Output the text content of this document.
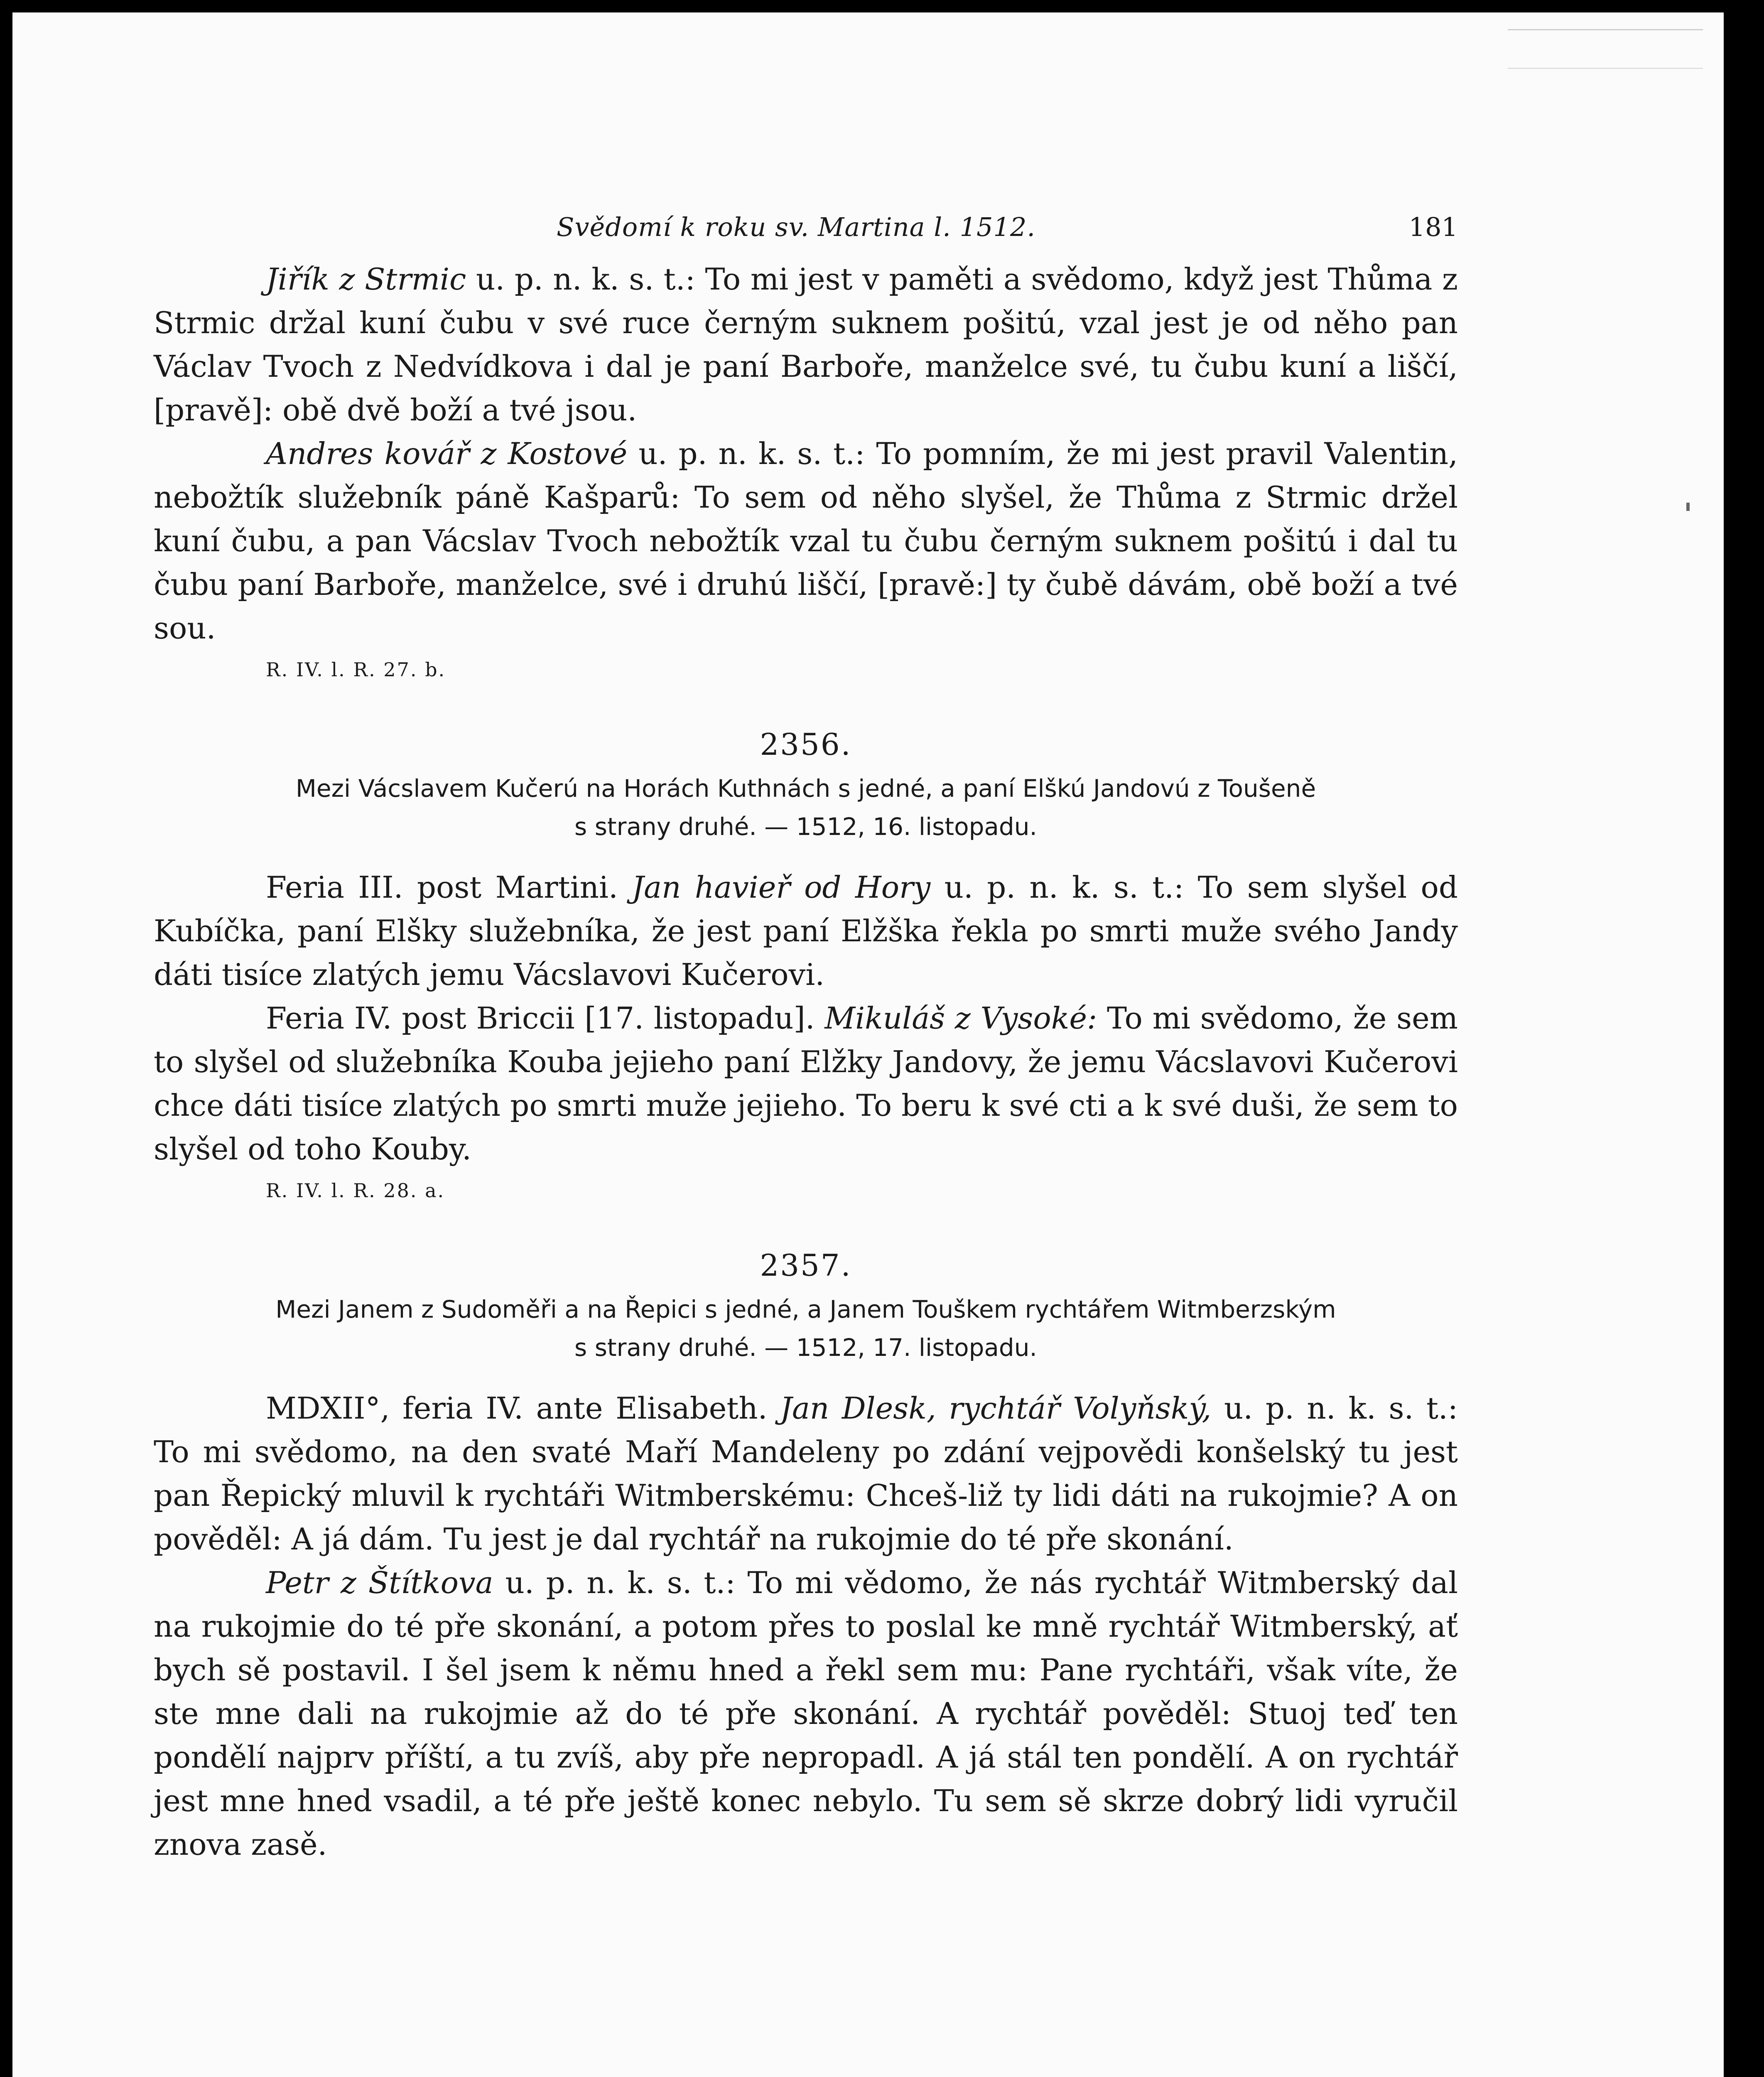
Svědomí k roku sv. Martina l. 1512.	181

Jiřík z Strmic u. p. n. k. s. t.: To mi jest v paměti a svědomo, když jest Thůma z Strmic držal kuní čubu v své ruce černým suknem pošitú, vzal jest je od něho pan Václav Tvoch z Nedvídkova i dal je paní Barboře, manželce své, tu čubu kuní a liščí, [pravě]: obě dvě boží a tvé jsou.

Andres kovář z Kostové u. p. n. k. s. t.: To pomním, že mi jest pravil Valentin, nebožtík služebník páně Kašparů: To sem od něho slyšel, že Thůma z Strmic držel kuní čubu, a pan Vácslav Tvoch nebožtík vzal tu čubu černým suknem pošitú i dal tu čubu paní Barboře, manželce, své i druhú liščí, [pravě:] ty čubě dávám, obě boží a tvé sou.

R. IV. l. R. 27. b.
2356.
Mezi Vácslavem Kučerú na Horách Kuthnách s jedné, a paní Elškú Jandovú z Toušeně
s strany druhé. — 1512, 16. listopadu.

Feria III. post Martini. Jan havieř od Hory u. p. n. k. s. t.: To sem slyšel od Kubíčka, paní Elšky služebníka, že jest paní Elžška řekla po smrti muže svého Jandy dáti tisíce zlatých jemu Vácslavovi Kučerovi.

Feria IV. post Briccii [17. listopadu]. Mikuláš z Vysoké: To mi svědomo, že sem to slyšel od služebníka Kouba jejieho paní Elžky Jandovy, že jemu Vácslavovi Kučerovi chce dáti tisíce zlatých po smrti muže jejieho. To beru k své cti a k své duši, že sem to slyšel od toho Kouby.

R. IV. l. R. 28. a.
2357.
Mezi Janem z Sudoměři a na Řepici s jedné, a Janem Touškem rychtářem Witmberzským
s strany druhé. — 1512, 17. listopadu.

MDXII°, feria IV. ante Elisabeth. Jan Dlesk, rychtář Volyňský, u. p. n. k. s. t.: To mi svědomo, na den svaté Maří Mandeleny po zdání vejpovědi konšelský tu jest pan Řepický mluvil k rychtáři Witmberskému: Chceš-liž ty lidi dáti na rukojmie? A on pověděl: A já dám. Tu jest je dal rychtář na rukojmie do té pře skonání.

Petr z Štítkova u. p. n. k. s. t.: To mi vědomo, že nás rychtář Witmberský dal na rukojmie do té pře skonání, a potom přes to poslal ke mně rychtář Witmberský, ať bych sě postavil. I šel jsem k němu hned a řekl sem mu: Pane rychtáři, však víte, že ste mne dali na rukojmie až do té pře skonání. A rychtář pověděl: Stuoj teď ten pondělí najprv příští, a tu zvíš, aby pře nepropadl. A já stál ten pondělí. A on rychtář jest mne hned vsadil, a té pře ještě konec nebylo. Tu sem sě skrze dobrý lidi vyručil znova zasě.
